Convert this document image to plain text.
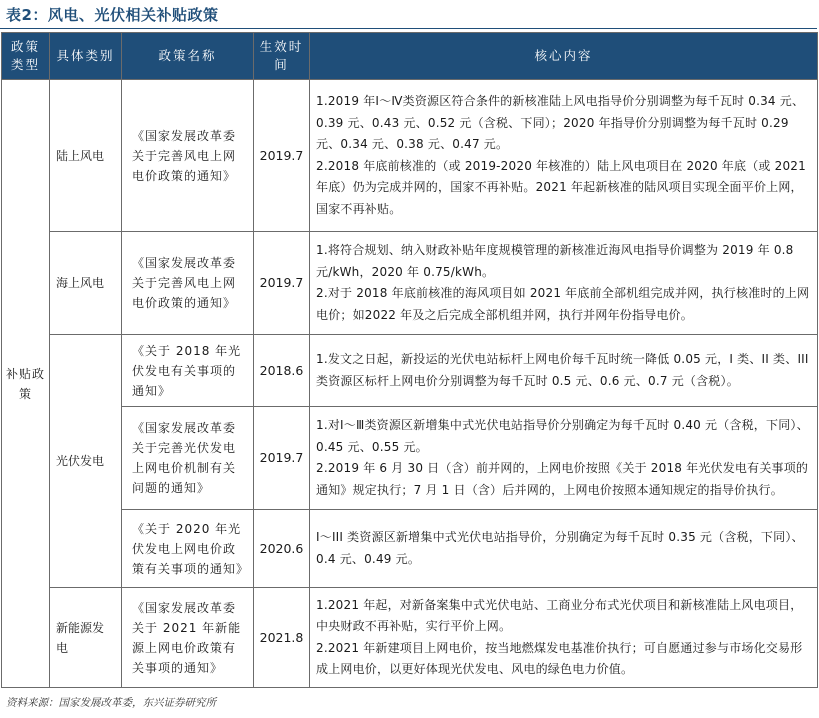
表2：风电、光伏相关补贴政策
政策类型	具体类别	政策名称	生效时间	核心内容
补贴政策	陆上风电	《国家发展改革委关于完善风电上网电价政策的通知》	2019.7	1.2019 年Ⅰ～Ⅳ类资源区符合条件的新核准陆上风电指导价分别调整为每千瓦时 0.34 元、0.39 元、0.43 元、0.52 元（含税、下同）；2020 年指导价分别调整为每千瓦时 0.29 元、0.34 元、0.38 元、0.47 元。

2.2018 年底前核准的（或 2019-2020 年核准的）陆上风电项目在 2020 年底（或 2021 年底）仍为完成并网的，国家不再补贴。2021 年起新核准的陆风项目实现全面平价上网，国家不再补贴。

	海上风电	《国家发展改革委关于完善风电上网电价政策的通知》	2019.7	1.将符合规划、纳入财政补贴年度规模管理的新核准近海风电指导价调整为 2019 年 0.8 元/kWh，2020 年 0.75/kWh。

2.对于 2018 年底前核准的海风项目如 2021 年底前全部机组完成并网，执行核准时的上网电价；如2022 年及之后完成全部机组并网，执行并网年份指导电价。

	光伏发电	《关于 2018 年光伏发电有关事项的通知》	2018.6	1.发文之日起，新投运的光伏电站标杆上网电价每千瓦时统一降低 0.05 元，I 类、II 类、III 类资源区标杆上网电价分别调整为每千瓦时 0.5 元、0.6 元、0.7 元（含税）。

		《国家发展改革委关于完善光伏发电上网电价机制有关问题的通知》	2019.7	1.对Ⅰ～Ⅲ类资源区新增集中式光伏电站指导价分别确定为每千瓦时 0.40 元（含税，下同）、0.45 元、0.55 元。

2.2019 年 6 月 30 日（含）前并网的，上网电价按照《关于 2018 年光伏发电有关事项的通知》规定执行；7 月 1 日（含）后并网的，上网电价按照本通知规定的指导价执行。

		《关于 2020 年光伏发电上网电价政策有关事项的通知》	2020.6	I～III 类资源区新增集中式光伏电站指导价，分别确定为每千瓦时 0.35 元（含税，下同）、0.4 元、0.49 元。

	新能源发电	《国家发展改革委关于 2021 年新能源上网电价政策有关事项的通知》	2021.8	1.2021 年起，对新备案集中式光伏电站、工商业分布式光伏项目和新核准陆上风电项目，中央财政不再补贴，实行平价上网。

2.2021 年新建项目上网电价，按当地燃煤发电基准价执行；可自愿通过参与市场化交易形成上网电价，以更好体现光伏发电、风电的绿色电力价值。

资料来源：国家发展改革委，东兴证券研究所
